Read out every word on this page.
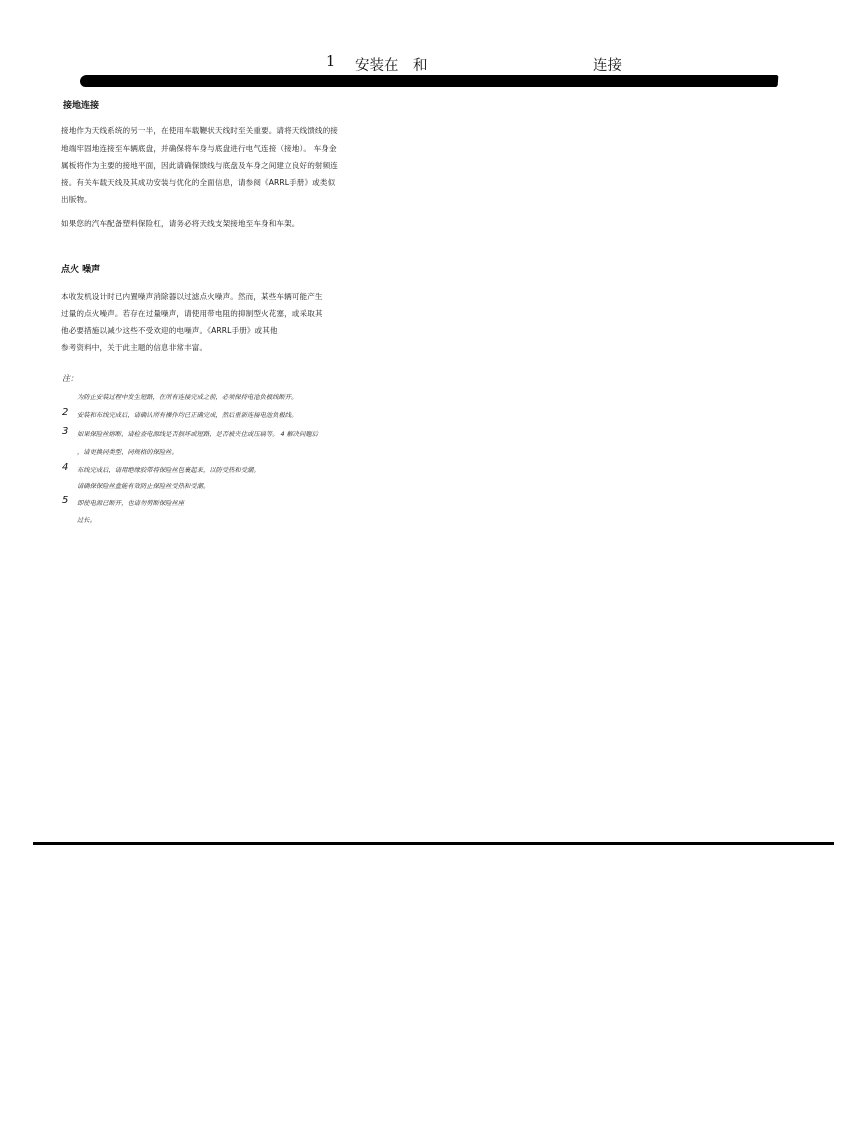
1 安装在 和	连接
接地连接
接地作为天线系统的另一半，在使用车载鞭状天线时至关重要。请将天线馈线的接
地端牢固地连接至车辆底盘，并确保将车身与底盘进行电气连接（接地）。 车身金
属板将作为主要的接地平面，因此请确保馈线与底盘及车身之间建立良好的射频连
接。有关车载天线及其成功安装与优化的全面信息，请参阅《ARRL手册》或类似
出版物。
如果您的汽车配备塑料保险杠，请务必将天线支架接地至车身和车架。
点火 噪声
本收发机设计时已内置噪声消除器以过滤点火噪声。然而，某些车辆可能产生
过量的点火噪声。若存在过量噪声，请使用带电阻的抑制型火花塞，或采取其
他必要措施以减少这些不受欢迎的电噪声。《ARRL手册》或其他
参考资料中，关于此主题的信息非常丰富。
注：
为防止安装过程中发生短路，在所有连接完成之前，必须保持电池负极线断开。
2 安装和布线完成后，请确认所有操作均已正确完成，然后重新连接电池负极线。
3 如果保险丝熔断，请检查电源线是否损坏或短路，是否被夹住或压扁等。 4 解决问题后
，请更换同类型、同规格的保险丝。
4 布线完成后，请用绝缘胶带将保险丝包裹起来，以防受热和受潮。
请确保保险丝盒能有效防止保险丝受热和受潮。
5 即使电源已断开，也请勿剪断保险丝座
过长。
